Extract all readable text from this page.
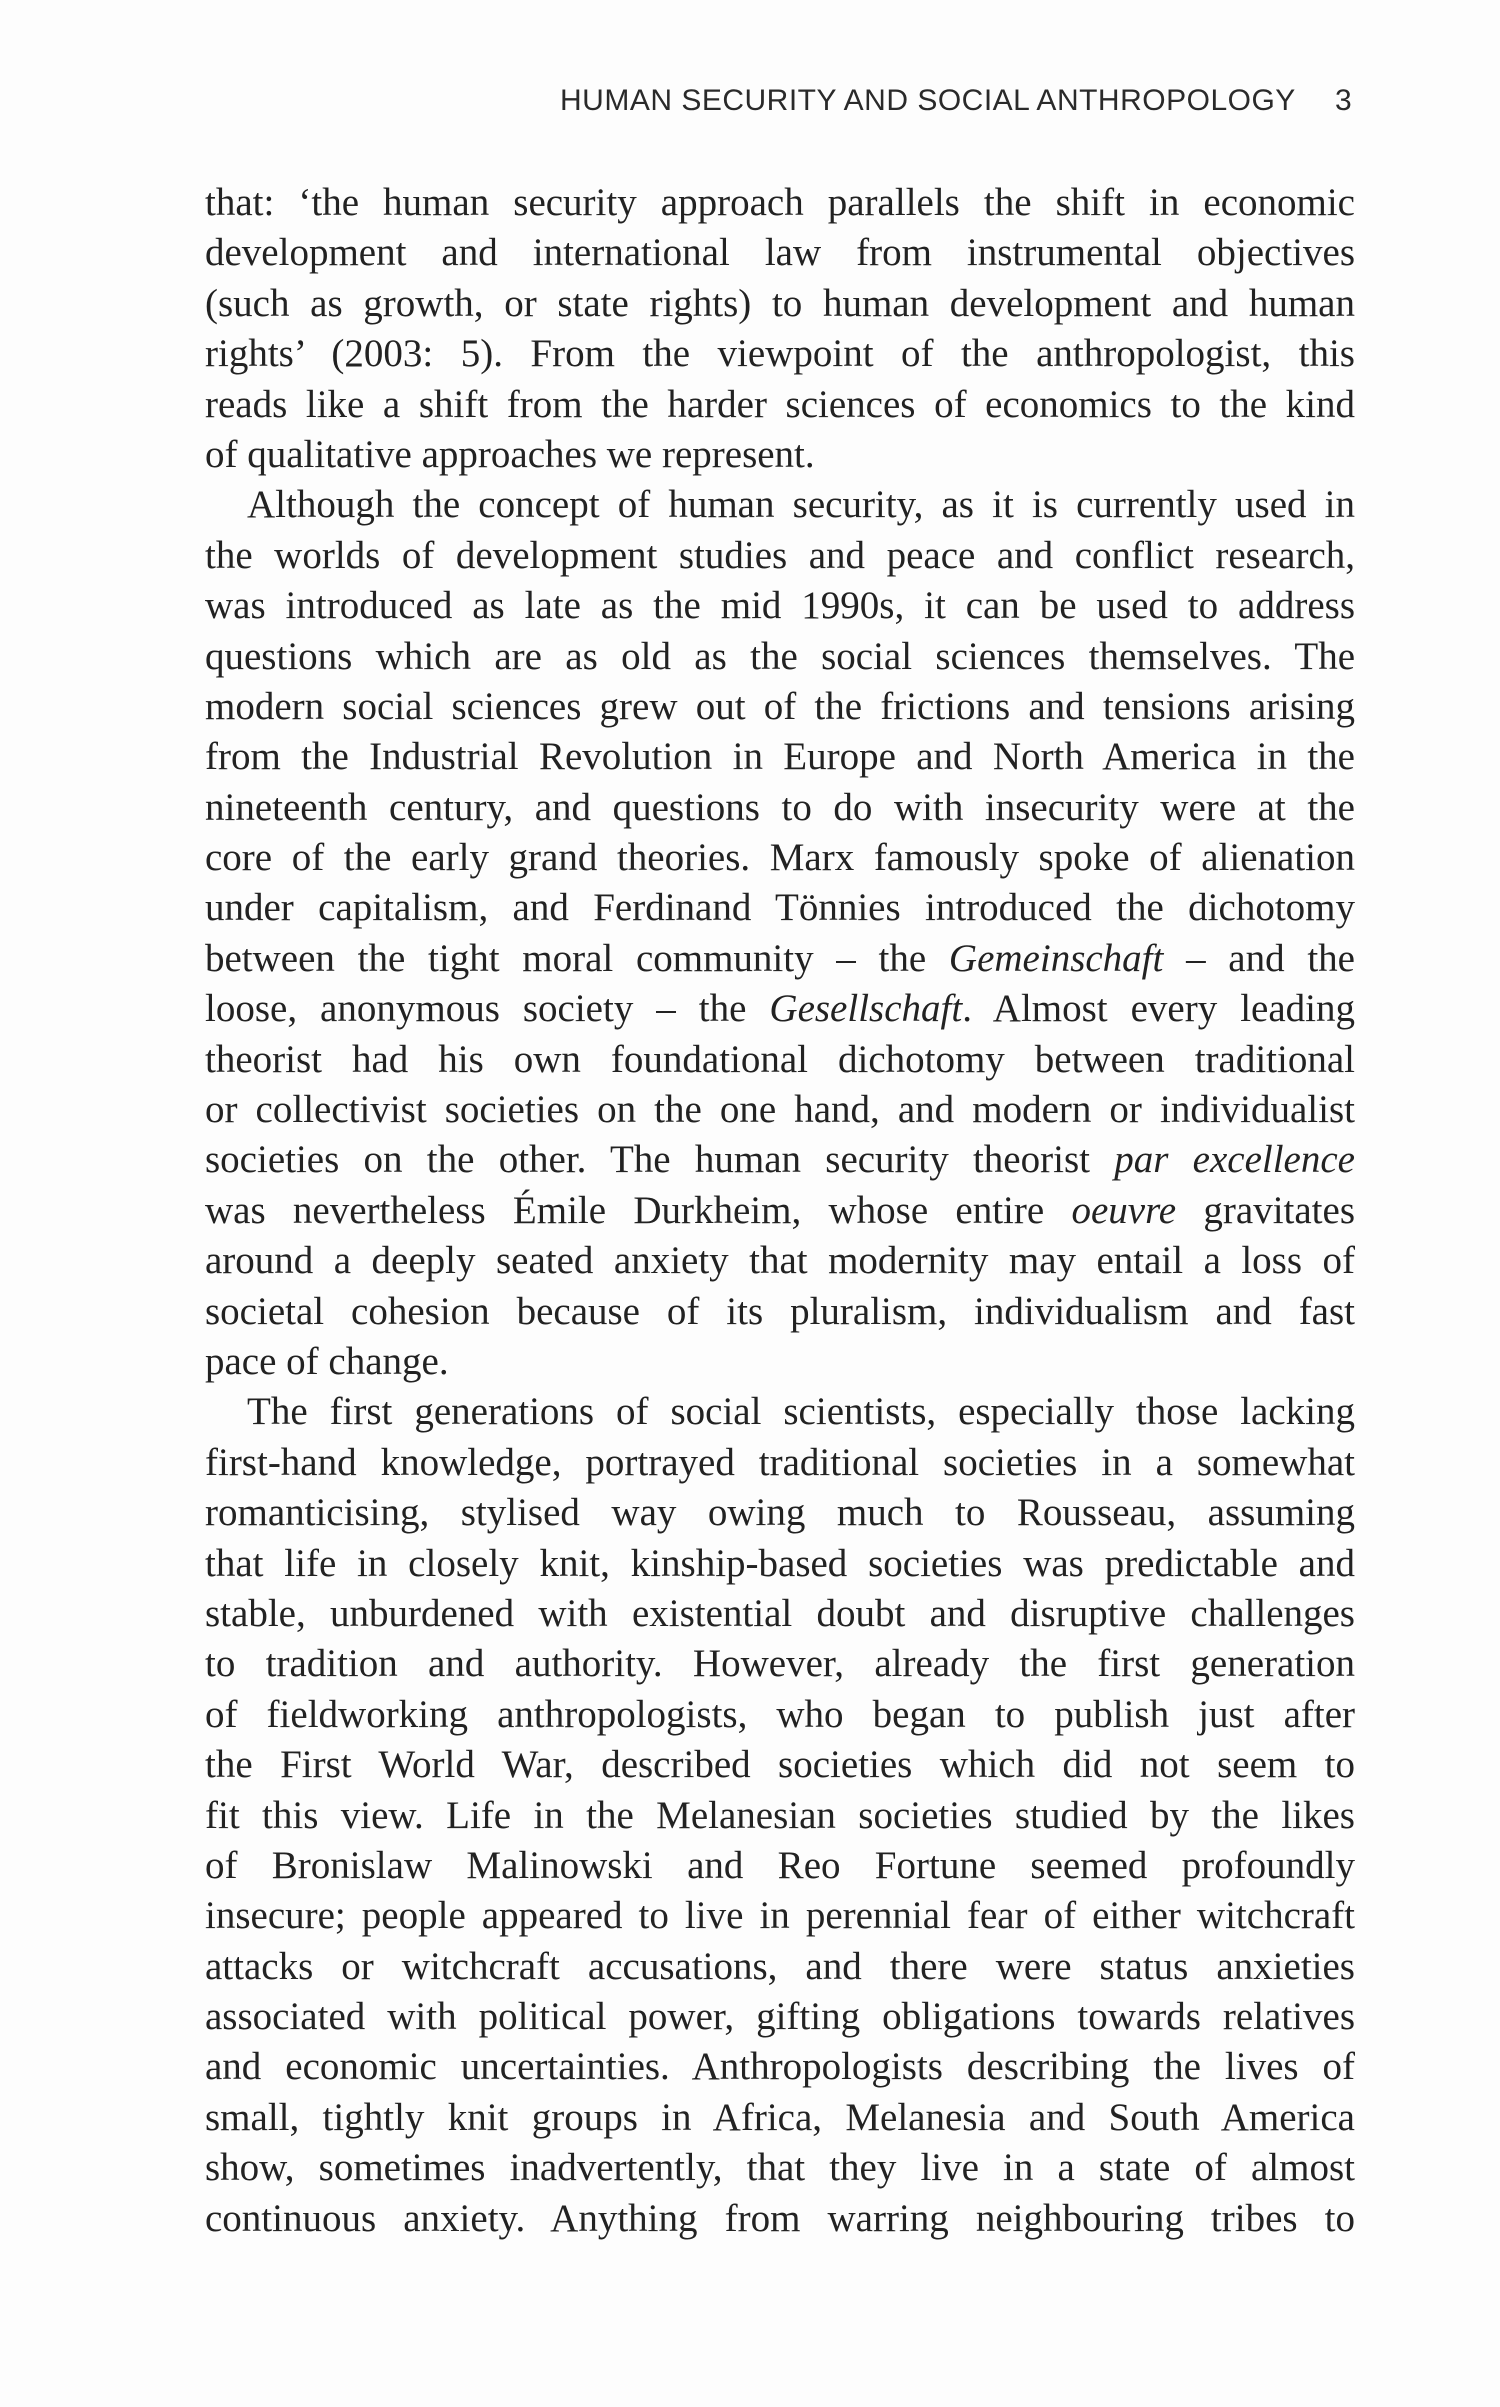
HUMAN SECURITY AND SOCIAL ANTHROPOLOGY 3
that: ‘the human security approach parallels the shift in economic
development and international law from instrumental objectives
(such as growth, or state rights) to human development and human
rights’ (2003: 5). From the viewpoint of the anthropologist, this
reads like a shift from the harder sciences of economics to the kind
of qualitative approaches we represent.
Although the concept of human security, as it is currently used in
the worlds of development studies and peace and conflict research,
was introduced as late as the mid 1990s, it can be used to address
questions which are as old as the social sciences themselves. The
modern social sciences grew out of the frictions and tensions arising
from the Industrial Revolution in Europe and North America in the
nineteenth century, and questions to do with insecurity were at the
core of the early grand theories. Marx famously spoke of alienation
under capitalism, and Ferdinand Tönnies introduced the dichotomy
between the tight moral community – the Gemeinschaft – and the
loose, anonymous society – the Gesellschaft. Almost every leading
theorist had his own foundational dichotomy between traditional
or collectivist societies on the one hand, and modern or individualist
societies on the other. The human security theorist par excellence
was nevertheless Émile Durkheim, whose entire oeuvre gravitates
around a deeply seated anxiety that modernity may entail a loss of
societal cohesion because of its pluralism, individualism and fast
pace of change.
The first generations of social scientists, especially those lacking
first-hand knowledge, portrayed traditional societies in a somewhat
romanticising, stylised way owing much to Rousseau, assuming
that life in closely knit, kinship-based societies was predictable and
stable, unburdened with existential doubt and disruptive challenges
to tradition and authority. However, already the first generation
of fieldworking anthropologists, who began to publish just after
the First World War, described societies which did not seem to
fit this view. Life in the Melanesian societies studied by the likes
of Bronislaw Malinowski and Reo Fortune seemed profoundly
insecure; people appeared to live in perennial fear of either witchcraft
attacks or witchcraft accusations, and there were status anxieties
associated with political power, gifting obligations towards relatives
and economic uncertainties. Anthropologists describing the lives of
small, tightly knit groups in Africa, Melanesia and South America
show, sometimes inadvertently, that they live in a state of almost
continuous anxiety. Anything from warring neighbouring tribes to
